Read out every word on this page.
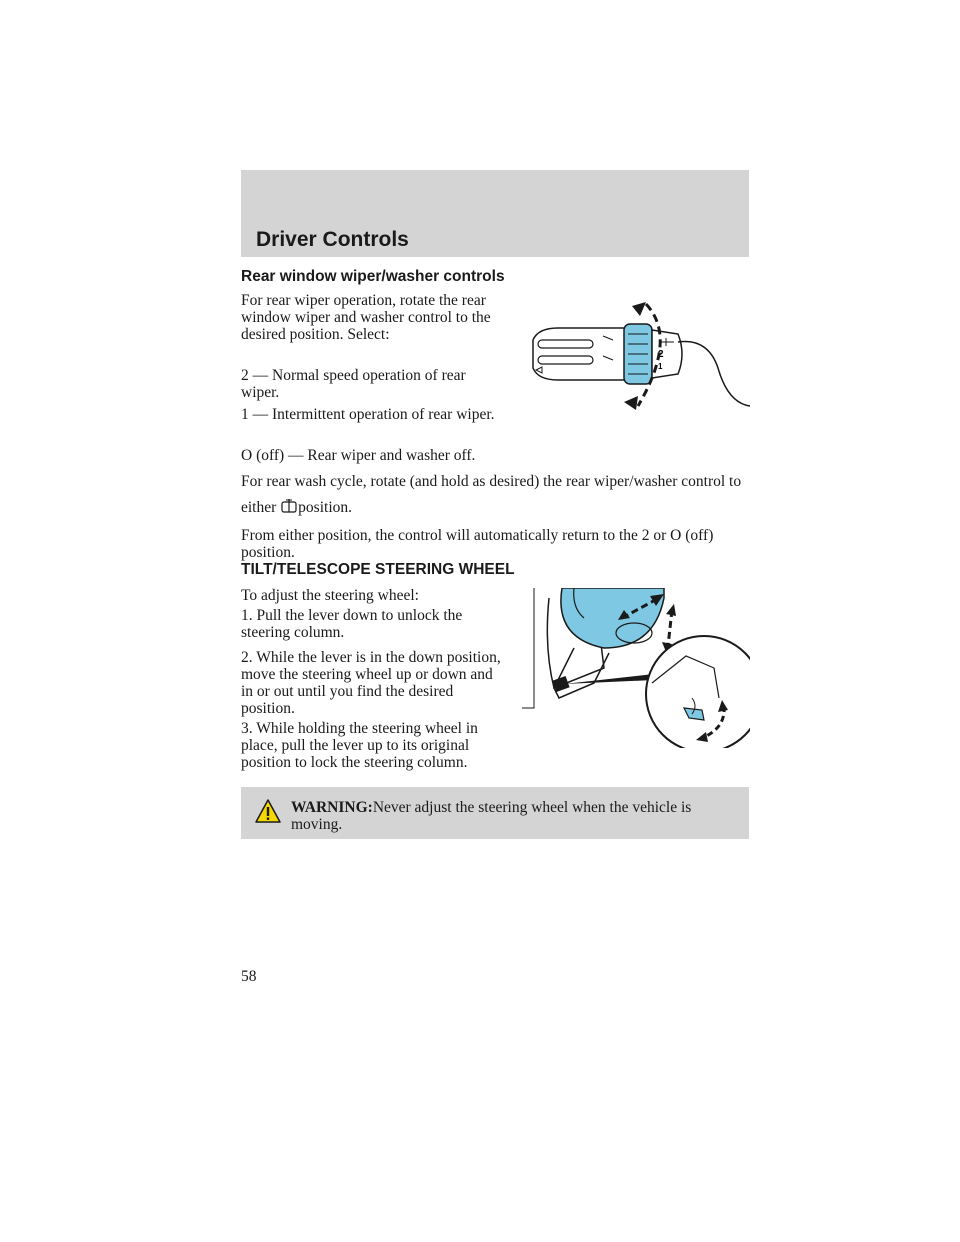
Driver Controls
Rear window wiper/washer controls

For rear wiper operation, rotate the rear window wiper and washer control to the desired position. Select:

2 — Normal speed operation of rear wiper.

1 — Intermittent operation of rear wiper.

O (off) — Rear wiper and washer off.

For rear wash cycle, rotate (and hold as desired) the rear wiper/washer control to either position.

From either position, the control will automatically return to the 2 or O (off) position.

2
1
TILT/TELESCOPE STEERING WHEEL

To adjust the steering wheel:

1. Pull the lever down to unlock the steering column.

2. While the lever is in the down position, move the steering wheel up or down and in or out until you find the desired position.

3. While holding the steering wheel in place, pull the lever up to its original position to lock the steering column.

WARNING:Never adjust the steering wheel when the vehicle is moving.

58
